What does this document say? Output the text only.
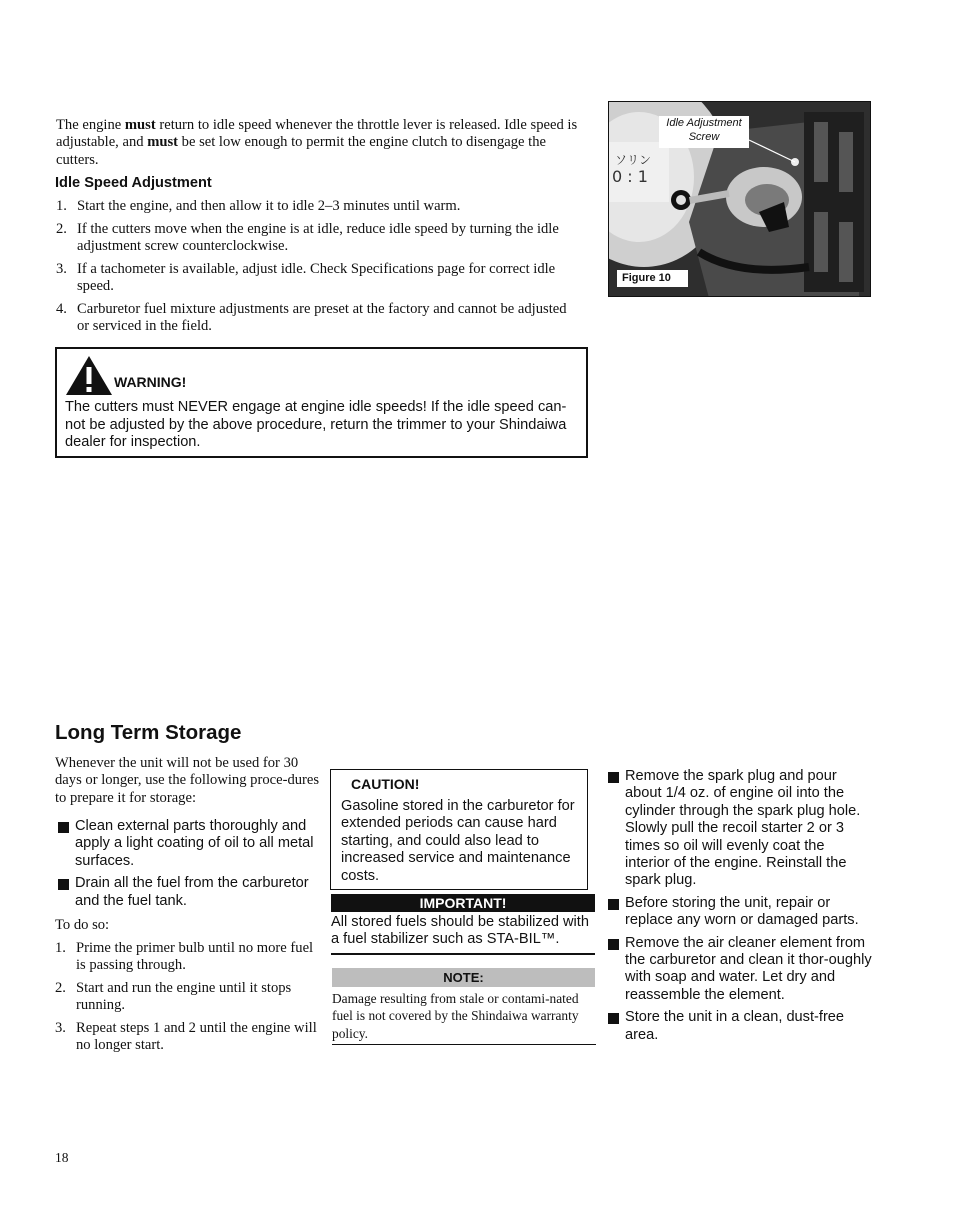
The engine must return to idle speed whenever the throttle lever is released. Idle speed is adjustable, and must be set low enough to permit the engine clutch to disengage the cutters.
Idle Speed Adjustment
1. Start the engine, and then allow it to idle 2–3 minutes until warm.
2. If the cutters move when the engine is at idle, reduce idle speed by turning the idle adjustment screw counterclockwise.
3. If a tachometer is available, adjust idle. Check Specifications page for correct idle speed.
4. Carburetor fuel mixture adjustments are preset at the factory and cannot be adjusted or serviced in the field.
WARNING!
The cutters must NEVER engage at engine idle speeds! If the idle speed can-not be adjusted by the above procedure, return the trimmer to your Shindaiwa dealer for inspection.
ソリン
0 : 1
Idle Adjustment
Screw
Figure 10
Long Term Storage
Whenever the unit will not be used for 30 days or longer, use the following proce-dures to prepare it for storage:
Clean external parts thoroughly and apply a light coating of oil to all metal surfaces.
Drain all the fuel from the carburetor and the fuel tank.
To do so:
1. Prime the primer bulb until no more fuel is passing through.
2. Start and run the engine until it stops running.
3. Repeat steps 1 and 2 until the engine will no longer start.
CAUTION!
Gasoline stored in the carburetor for extended periods can cause hard starting, and could also lead to increased service and maintenance costs.
IMPORTANT!
All stored fuels should be stabilized with a fuel stabilizer such as STA-BIL™.
NOTE:
Damage resulting from stale or contami-nated fuel is not covered by the Shindaiwa warranty policy.
Remove the spark plug and pour about 1/4 oz. of engine oil into the cylinder through the spark plug hole. Slowly pull the recoil starter 2 or 3 times so oil will evenly coat the interior of the engine. Reinstall the spark plug.
Before storing the unit, repair or replace any worn or damaged parts.
Remove the air cleaner element from the carburetor and clean it thor-oughly with soap and water. Let dry and reassemble the element.
Store the unit in a clean, dust-free area.
18
